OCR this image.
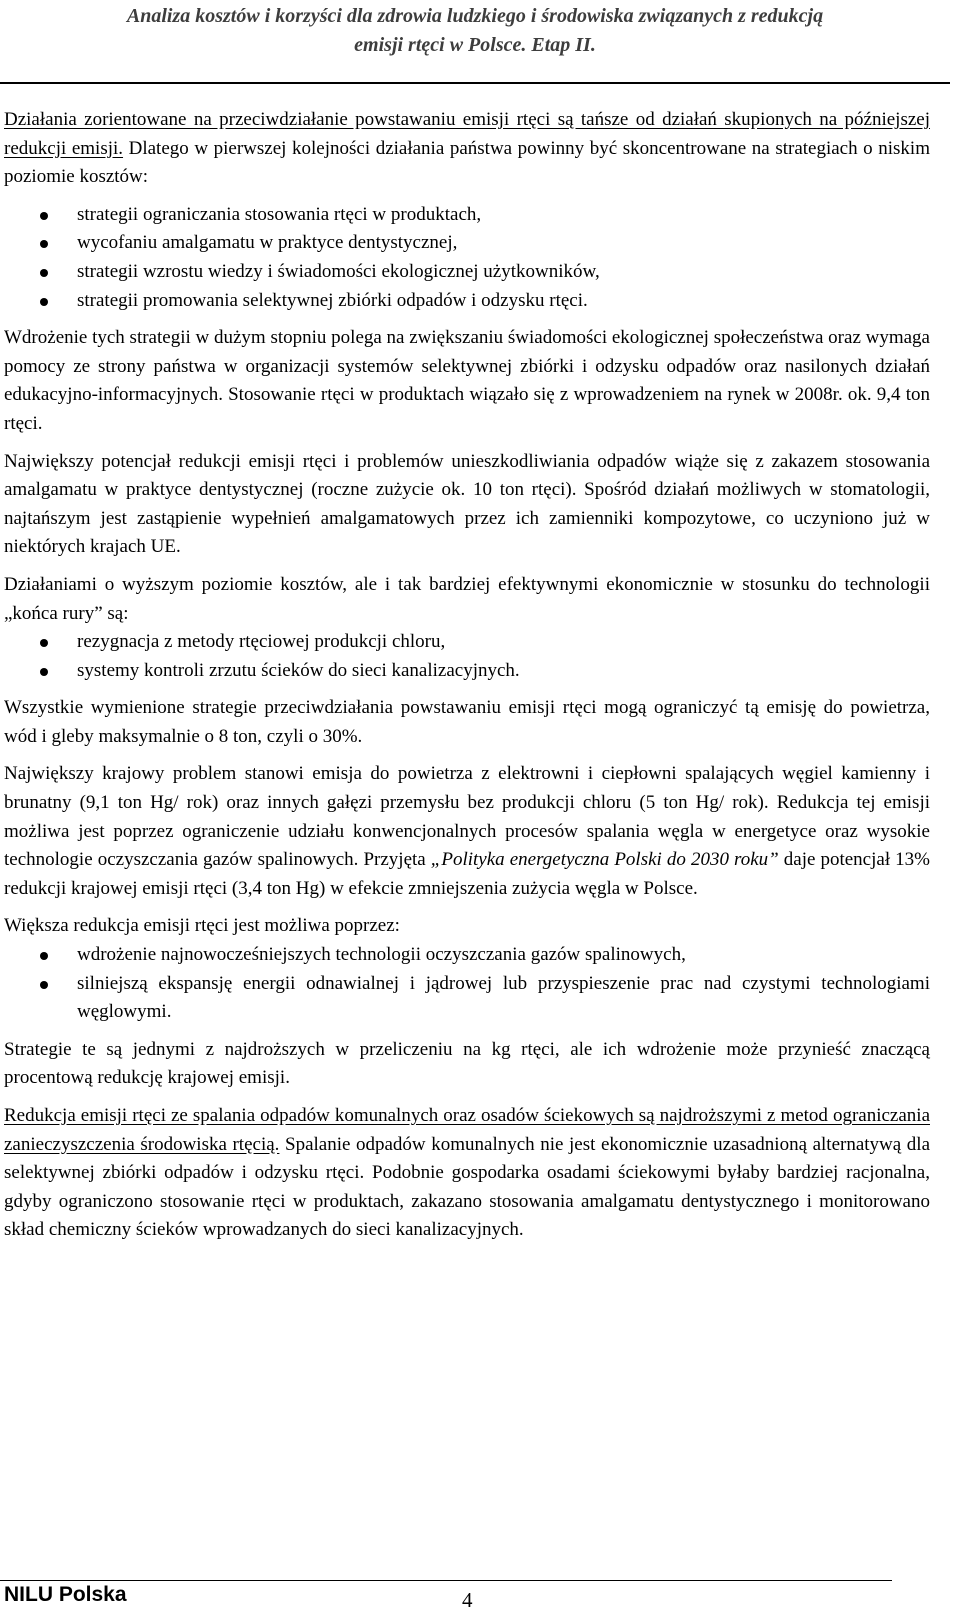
Analiza kosztów i korzyści dla zdrowia ludzkiego i środowiska związanych z redukcją
emisji rtęci w Polsce. Etap II.

Działania zorientowane na przeciwdziałanie powstawaniu emisji rtęci są tańsze od działań skupionych na późniejszej redukcji emisji. Dlatego w pierwszej kolejności działania państwa powinny być skoncentrowane na strategiach o niskim poziomie kosztów:

strategii ograniczania stosowania rtęci w produktach,
wycofaniu amalgamatu w praktyce dentystycznej,
strategii wzrostu wiedzy i świadomości ekologicznej użytkowników,
strategii promowania selektywnej zbiórki odpadów i odzysku rtęci.

Wdrożenie tych strategii w dużym stopniu polega na zwiększaniu świadomości ekologicznej społeczeństwa oraz wymaga pomocy ze strony państwa w organizacji systemów selektywnej zbiórki i odzysku odpadów oraz nasilonych działań edukacyjno-informacyjnych. Stosowanie rtęci w produktach wiązało się z wprowadzeniem na rynek w 2008r. ok. 9,4 ton rtęci.

Największy potencjał redukcji emisji rtęci i problemów unieszkodliwiania odpadów wiąże się z zakazem stosowania amalgamatu w praktyce dentystycznej (roczne zużycie ok. 10 ton rtęci). Spośród działań możliwych w stomatologii, najtańszym jest zastąpienie wypełnień amalgamatowych przez ich zamienniki kompozytowe, co uczyniono już w niektórych krajach UE.

Działaniami o wyższym poziomie kosztów, ale i tak bardziej efektywnymi ekonomicznie w stosunku do technologii „końca rury” są:

rezygnacja z metody rtęciowej produkcji chloru,
systemy kontroli zrzutu ścieków do sieci kanalizacyjnych.

Wszystkie wymienione strategie przeciwdziałania powstawaniu emisji rtęci mogą ograniczyć tą emisję do powietrza, wód i gleby maksymalnie o 8 ton, czyli o 30%.

Największy krajowy problem stanowi emisja do powietrza z elektrowni i ciepłowni spalających węgiel kamienny i brunatny (9,1 ton Hg/ rok) oraz innych gałęzi przemysłu bez produkcji chloru (5 ton Hg/ rok). Redukcja tej emisji możliwa jest poprzez ograniczenie udziału konwencjonalnych procesów spalania węgla w energetyce oraz wysokie technologie oczyszczania gazów spalinowych. Przyjęta „Polityka energetyczna Polski do 2030 roku” daje potencjał 13% redukcji krajowej emisji rtęci (3,4 ton Hg) w efekcie zmniejszenia zużycia węgla w Polsce.

Większa redukcja emisji rtęci jest możliwa poprzez:

wdrożenie najnowocześniejszych technologii oczyszczania gazów spalinowych,
silniejszą ekspansję energii odnawialnej i jądrowej lub przyspieszenie prac nad czystymi technologiami węglowymi.

Strategie te są jednymi z najdroższych w przeliczeniu na kg rtęci, ale ich wdrożenie może przynieść znaczącą procentową redukcję krajowej emisji.

Redukcja emisji rtęci ze spalania odpadów komunalnych oraz osadów ściekowych są najdroższymi z metod ograniczania zanieczyszczenia środowiska rtęcią. Spalanie odpadów komunalnych nie jest ekonomicznie uzasadnioną alternatywą dla selektywnej zbiórki odpadów i odzysku rtęci. Podobnie gospodarka osadami ściekowymi byłaby bardziej racjonalna, gdyby ograniczono stosowanie rtęci w produktach, zakazano stosowania amalgamatu dentystycznego i monitorowano skład chemiczny ścieków wprowadzanych do sieci kanalizacyjnych.

NILU Polska	4
